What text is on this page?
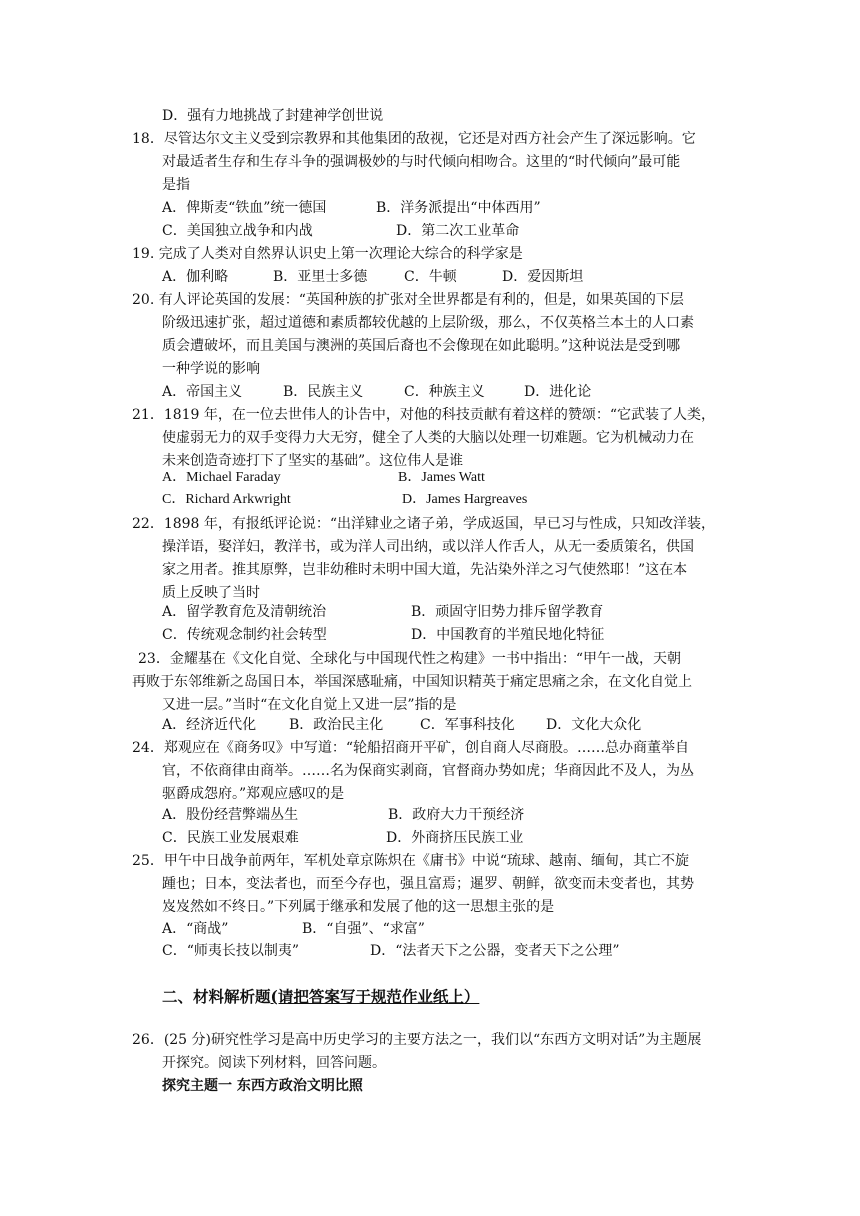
D．强有力地挑战了封建神学创世说
18．尽管达尔文主义受到宗教界和其他集团的敌视，它还是对西方社会产生了深远影响。它
对最适者生存和生存斗争的强调极妙的与时代倾向相吻合。这里的“时代倾向”最可能
是指
A．俾斯麦“铁血”统一德国	B．洋务派提出“中体西用”
C．美国独立战争和内战	D．第二次工业革命
19. 完成了人类对自然界认识史上第一次理论大综合的科学家是
A．伽利略	B．亚里士多德	C．牛顿	D．爱因斯坦
20. 有人评论英国的发展：“英国种族的扩张对全世界都是有利的，但是，如果英国的下层
阶级迅速扩张，超过道德和素质都较优越的上层阶级，那么，不仅英格兰本土的人口素
质会遭破坏，而且美国与澳洲的英国后裔也不会像现在如此聪明。”这种说法是受到哪
一种学说的影响
A．帝国主义	B．民族主义	C．种族主义	D．进化论
21．1819 年，在一位去世伟人的讣告中，对他的科技贡献有着这样的赞颂：“它武装了人类，
使虚弱无力的双手变得力大无穷，健全了人类的大脑以处理一切难题。它为机械动力在
未来创造奇迹打下了坚实的基础”。这位伟人是谁
A．Michael Faraday	B．James Watt
C．Richard Arkwright	D．James Hargreaves
22．1898 年，有报纸评论说：“出洋肄业之诸子弟，学成返国，早已习与性成，只知改洋装，
操洋语，娶洋妇，教洋书，或为洋人司出纳，或以洋人作舌人，从无一委质策名，供国
家之用者。推其原弊，岂非幼稚时未明中国大道，先沾染外洋之习气使然耶！”这在本
质上反映了当时
A．留学教育危及清朝统治	B．顽固守旧势力排斥留学教育
C．传统观念制约社会转型	D．中国教育的半殖民地化特征
23．金耀基在《文化自觉、全球化与中国现代性之构建》一书中指出：“甲午一战，天朝
再败于东邻维新之岛国日本，举国深感耻痛，中国知识精英于痛定思痛之余，在文化自觉上
又进一层。”当时“在文化自觉上又进一层”指的是
A．经济近代化 B．政治民主化	C．军事科技化 D．文化大众化
24．郑观应在《商务叹》中写道：“轮船招商开平矿，创自商人尽商股。……总办商董举自
官，不依商律由商举。……名为保商实剥商，官督商办势如虎；华商因此不及人，为丛
驱爵成怨府。”郑观应感叹的是
A．股份经营弊端丛生	B．政府大力干预经济
C．民族工业发展艰难	D．外商挤压民族工业
25．甲午中日战争前两年，军机处章京陈炽在《庸书》中说“琉球、越南、缅甸，其亡不旋
踵也；日本，变法者也，而至今存也，强且富焉；暹罗、朝鲜，欲变而未变者也，其势
岌岌然如不终日。”下列属于继承和发展了他的这一思想主张的是
A．“商战”	B．“自强”、“求富”
C．“师夷长技以制夷”	D．“法者天下之公器，变者天下之公理”
二、材料解析题(请把答案写于规范作业纸上）
26．(25 分)研究性学习是高中历史学习的主要方法之一，我们以“东西方文明对话”为主题展
开探究。阅读下列材料，回答问题。
探究主题一 东西方政治文明比照
